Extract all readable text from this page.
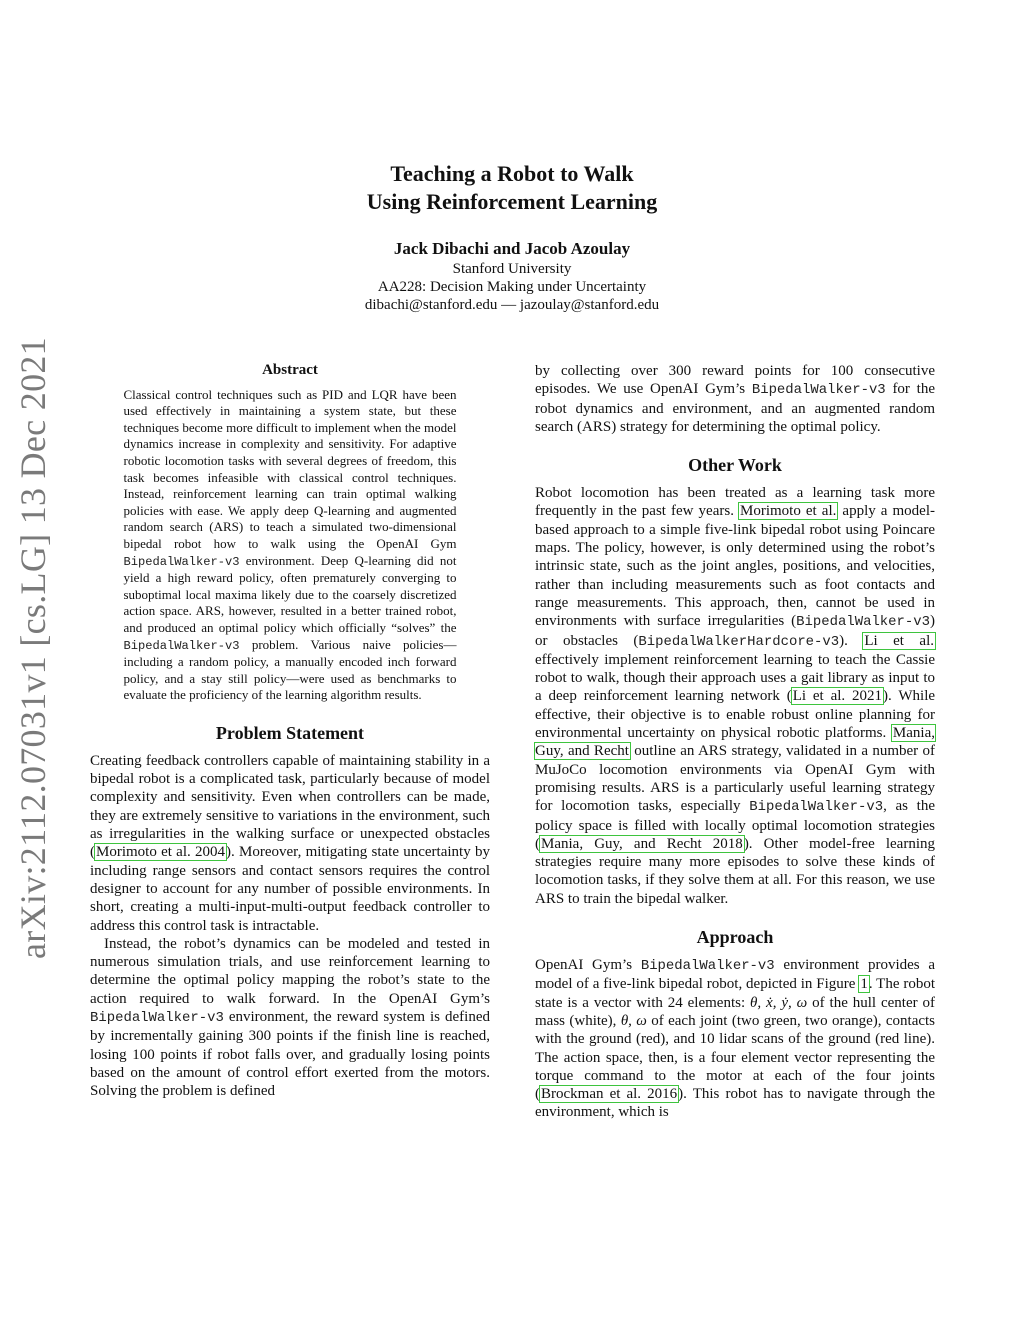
arXiv:2112.07031v1 [cs.LG] 13 Dec 2021
Teaching a Robot to Walk
Using Reinforcement Learning
Jack Dibachi and Jacob Azoulay
Stanford University
AA228: Decision Making under Uncertainty
dibachi@stanford.edu — jazoulay@stanford.edu
Abstract
Classical control techniques such as PID and LQR have been used effectively in maintaining a system state, but these techniques become more difficult to implement when the model dynamics increase in complexity and sensitivity. For adaptive robotic locomotion tasks with several degrees of freedom, this task becomes infeasible with classical control techniques. Instead, reinforcement learning can train optimal walking policies with ease. We apply deep Q-learning and augmented random search (ARS) to teach a simulated two-dimensional bipedal robot how to walk using the OpenAI Gym BipedalWalker-v3 environment. Deep Q-learning did not yield a high reward policy, often prematurely converging to suboptimal local maxima likely due to the coarsely discretized action space. ARS, however, resulted in a better trained robot, and produced an optimal policy which officially “solves” the BipedalWalker-v3 problem. Various naive policies—including a random policy, a manually encoded inch forward policy, and a stay still policy—were used as benchmarks to evaluate the proficiency of the learning algorithm results.
Problem Statement

Creating feedback controllers capable of maintaining stability in a bipedal robot is a complicated task, particularly because of model complexity and sensitivity. Even when controllers can be made, they are extremely sensitive to variations in the environment, such as irregularities in the walking surface or unexpected obstacles (Morimoto et al. 2004). Moreover, mitigating state uncertainty by including range sensors and contact sensors requires the control designer to account for any number of possible environments. In short, creating a multi-input-multi-output feedback controller to address this control task is intractable.

Instead, the robot’s dynamics can be modeled and tested in numerous simulation trials, and use reinforcement learning to determine the optimal policy mapping the robot’s state to the action required to walk forward. In the OpenAI Gym’s BipedalWalker-v3 environment, the reward system is defined by incrementally gaining 300 points if the finish line is reached, losing 100 points if robot falls over, and gradually losing points based on the amount of control effort exerted from the motors. Solving the problem is defined

by collecting over 300 reward points for 100 consecutive episodes. We use OpenAI Gym’s BipedalWalker-v3 for the robot dynamics and environment, and an augmented random search (ARS) strategy for determining the optimal policy.

Other Work

Robot locomotion has been treated as a learning task more frequently in the past few years. Morimoto et al. apply a model-based approach to a simple five-link bipedal robot using Poincare maps. The policy, however, is only determined using the robot’s intrinsic state, such as the joint angles, positions, and velocities, rather than including measurements such as foot contacts and range measurements. This approach, then, cannot be used in environments with surface irregularities (BipedalWalker-v3) or obstacles (BipedalWalkerHardcore-v3). Li et al. effectively implement reinforcement learning to teach the Cassie robot to walk, though their approach uses a gait library as input to a deep reinforcement learning network (Li et al. 2021). While effective, their objective is to enable robust online planning for environmental uncertainty on physical robotic platforms. Mania, Guy, and Recht outline an ARS strategy, validated in a number of MuJoCo locomotion environments via OpenAI Gym with promising results. ARS is a particularly useful learning strategy for locomotion tasks, especially BipedalWalker-v3, as the policy space is filled with locally optimal locomotion strategies (Mania, Guy, and Recht 2018). Other model-free learning strategies require many more episodes to solve these kinds of locomotion tasks, if they solve them at all. For this reason, we use ARS to train the bipedal walker.

Approach

OpenAI Gym’s BipedalWalker-v3 environment provides a model of a five-link bipedal robot, depicted in Figure 1. The robot state is a vector with 24 elements: θ, ẋ, ẏ, ω of the hull center of mass (white), θ, ω of each joint (two green, two orange), contacts with the ground (red), and 10 lidar scans of the ground (red line). The action space, then, is a four element vector representing the torque command to the motor at each of the four joints (Brockman et al. 2016). This robot has to navigate through the environment, which is
